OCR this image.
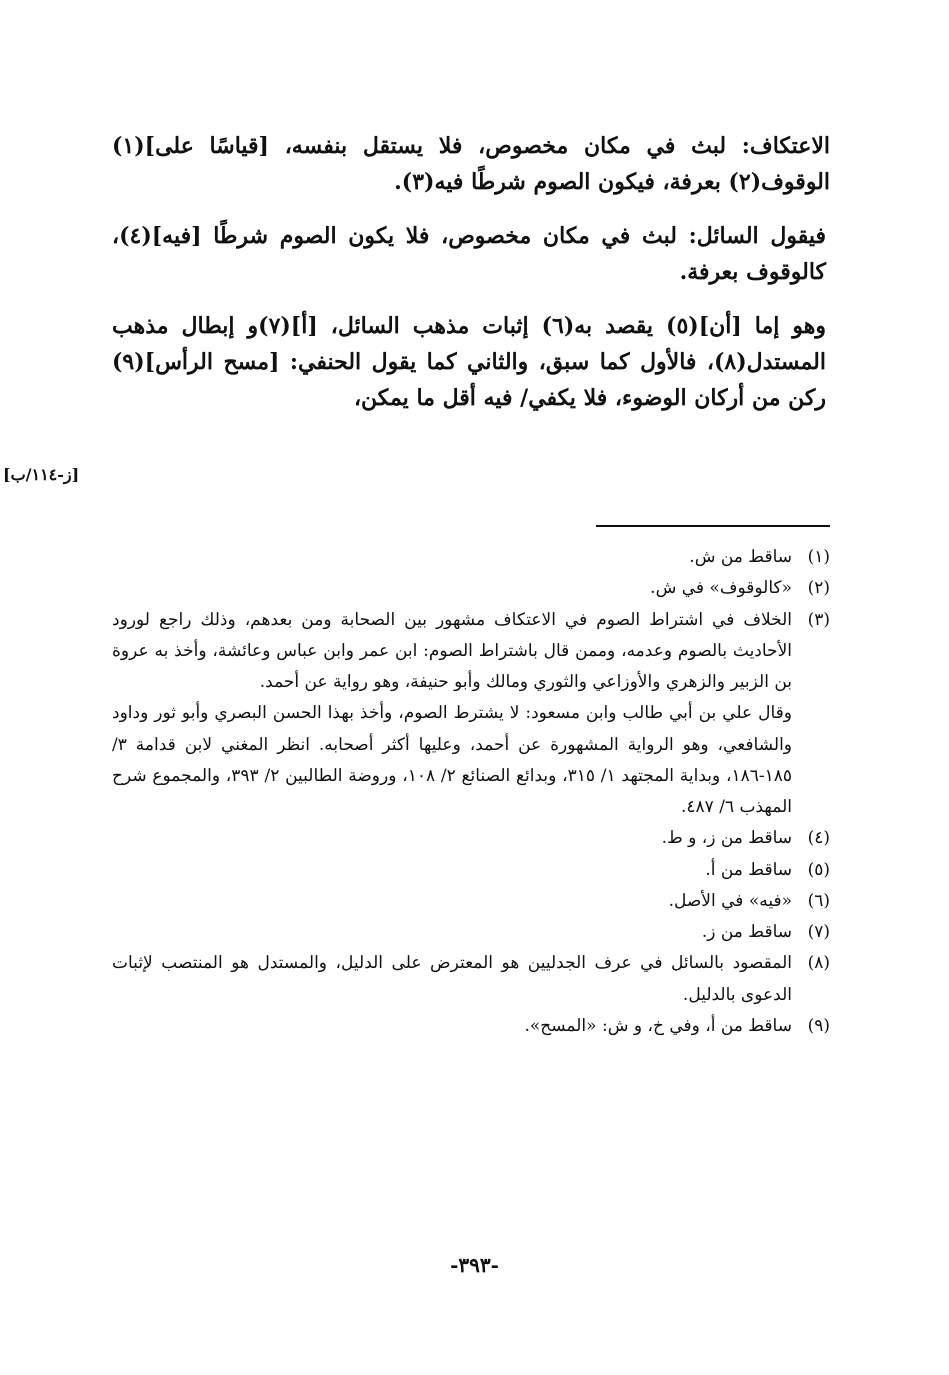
الاعتكاف: لبث في مكان مخصوص، فلا يستقل بنفسه، [قياسًا على](١) الوقوف(٢) بعرفة، فيكون الصوم شرطًا فيه(٣).

فيقول السائل: لبث في مكان مخصوص، فلا يكون الصوم شرطًا [فيه](٤)، كالوقوف بعرفة.

وهو إما [أن](٥) يقصد به(٦) إثبات مذهب السائل، [أ](٧)و إبطال مذهب المستدل(٨)، فالأول كما سبق، والثاني كما يقول الحنفي: [مسح الرأس](٩) ركن من أركان الوضوء، فلا يكفي/ فيه أقل ما يمكن،

[ز-١١٤/ب]
(١)

ساقط من ش.

(٢)

«كالوقوف» في ش.

(٣)

الخلاف في اشتراط الصوم في الاعتكاف مشهور بين الصحابة ومن بعدهم، وذلك راجع لورود الأحاديث بالصوم وعدمه، وممن قال باشتراط الصوم: ابن عمر وابن عباس وعائشة، وأخذ به عروة بن الزبير والزهري والأوزاعي والثوري ومالك وأبو حنيفة، وهو رواية عن أحمد.

وقال علي بن أبي طالب وابن مسعود: لا يشترط الصوم، وأخذ بهذا الحسن البصري وأبو ثور وداود والشافعي، وهو الرواية المشهورة عن أحمد، وعليها أكثر أصحابه. انظر المغني لابن قدامة ٣/ ١٨٥-١٨٦، وبداية المجتهد ١/ ٣١٥، وبدائع الصنائع ٢/ ١٠٨، وروضة الطالبين ٢/ ٣٩٣، والمجموع شرح المهذب ٦/ ٤٨٧.

(٤)

ساقط من ز، و ط.

(٥)

ساقط من أ.

(٦)

«فيه» في الأصل.

(٧)

ساقط من ز.

(٨)

المقصود بالسائل في عرف الجدليين هو المعترض على الدليل، والمستدل هو المنتصب لإثبات الدعوى بالدليل.

(٩)

ساقط من أ، وفي خ، و ش: «المسح».

-٣٩٣-
